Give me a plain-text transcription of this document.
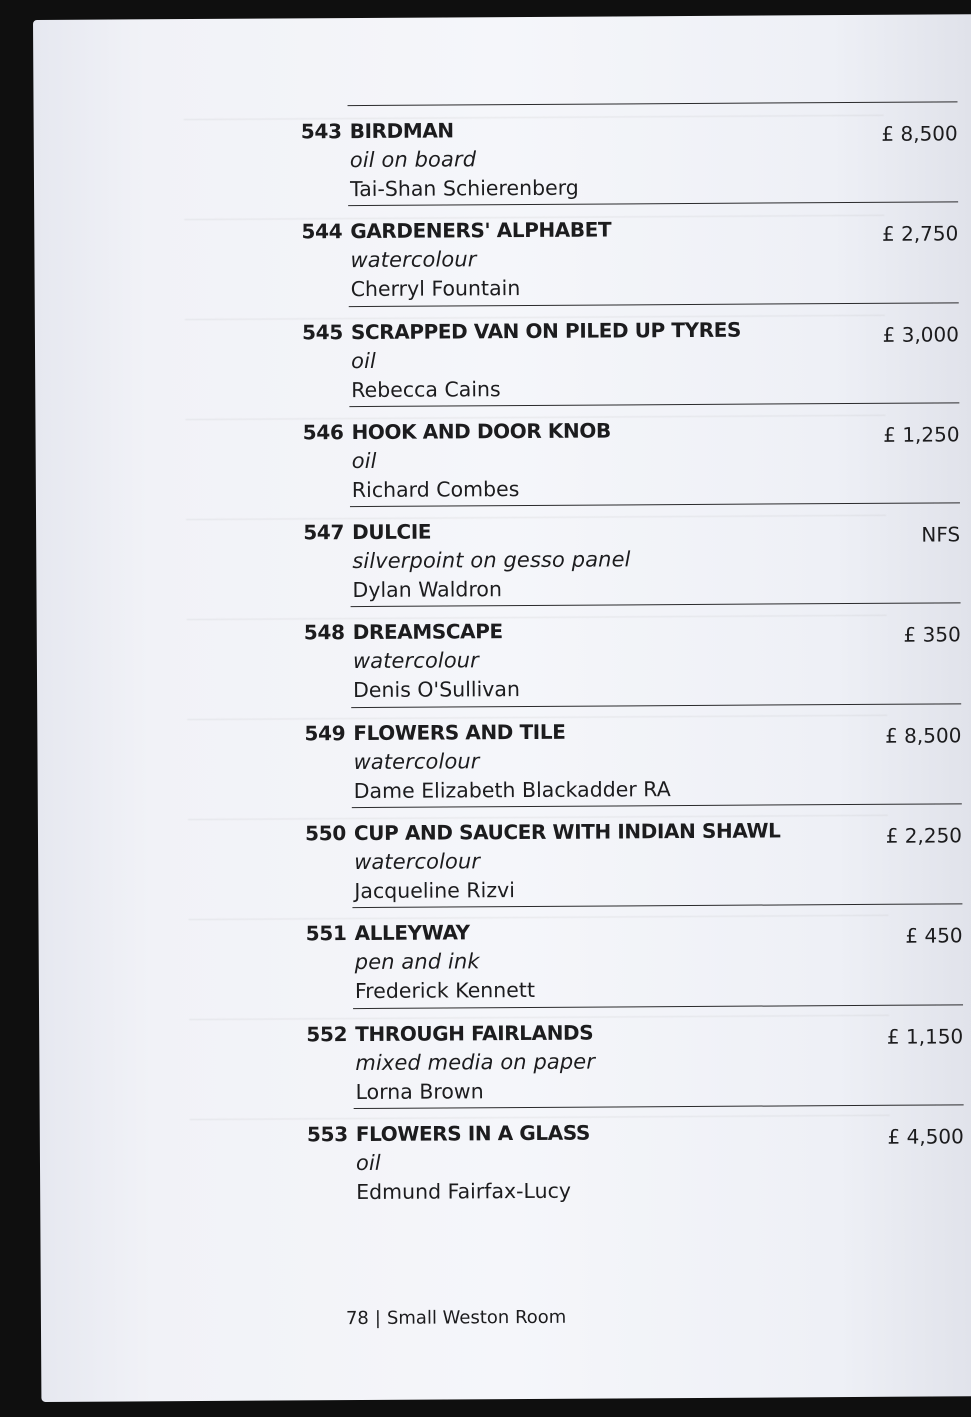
543 BIRDMAN
oil on board
Tai-Shan Schierenberg
£ 8,500
544 GARDENERS' ALPHABET
watercolour
Cherryl Fountain
£ 2,750
545 SCRAPPED VAN ON PILED UP TYRES
oil
Rebecca Cains
£ 3,000
546 HOOK AND DOOR KNOB
oil
Richard Combes
£ 1,250
547 DULCIE
silverpoint on gesso panel
Dylan Waldron
NFS
548 DREAMSCAPE
watercolour
Denis O'Sullivan
£ 350
549 FLOWERS AND TILE
watercolour
Dame Elizabeth Blackadder RA
£ 8,500
550 CUP AND SAUCER WITH INDIAN SHAWL
watercolour
Jacqueline Rizvi
£ 2,250
551 ALLEYWAY
pen and ink
Frederick Kennett
£ 450
552 THROUGH FAIRLANDS
mixed media on paper
Lorna Brown
£ 1,150
553 FLOWERS IN A GLASS
oil
Edmund Fairfax-Lucy
£ 4,500
78 | Small Weston Room
